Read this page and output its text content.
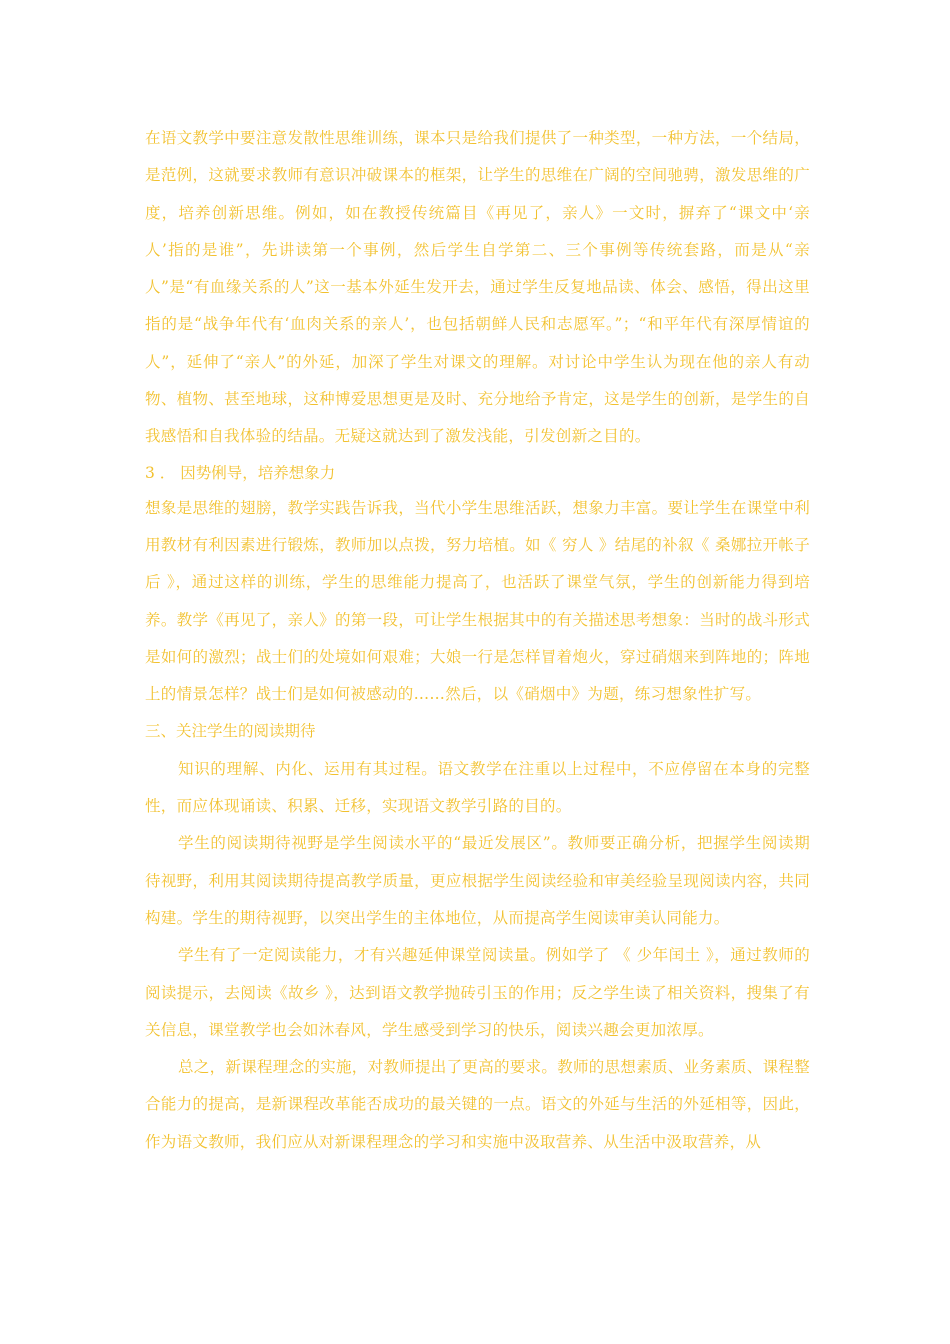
在语文教学中要注意发散性思维训练，课本只是给我们提供了一种类型，一种方法，一个结局，是范例，这就要求教师有意识冲破课本的框架，让学生的思维在广阔的空间驰骋，激发思维的广度，培养创新思维。例如，如在教授传统篇目《再见了，亲人》一文时，摒弃了“课文中‘亲人’指的是谁”，先讲读第一个事例，然后学生自学第二、三个事例等传统套路，而是从“亲人”是“有血缘关系的人”这一基本外延生发开去，通过学生反复地品读、体会、感悟，得出这里指的是“战争年代有‘血肉关系的亲人’，也包括朝鲜人民和志愿军。”；“和平年代有深厚情谊的人”，延伸了“亲人”的外延，加深了学生对课文的理解。对讨论中学生认为现在他的亲人有动物、植物、甚至地球，这种博爱思想更是及时、充分地给予肯定，这是学生的创新，是学生的自我感悟和自我体验的结晶。无疑这就达到了激发浅能，引发创新之目的。

3 ． 因势俐导，培养想象力

想象是思维的翅膀，教学实践告诉我，当代小学生思维活跃，想象力丰富。要让学生在课堂中利用教材有利因素进行锻炼，教师加以点拨，努力培植。如《 穷人 》结尾的补叙《 桑娜拉开帐子后 》，通过这样的训练，学生的思维能力提高了，也活跃了课堂气氛，学生的创新能力得到培养。教学《再见了，亲人》的第一段，可让学生根据其中的有关描述思考想象：当时的战斗形式是如何的激烈；战士们的处境如何艰难；大娘一行是怎样冒着炮火，穿过硝烟来到阵地的；阵地上的情景怎样？战士们是如何被感动的……然后，以《硝烟中》为题，练习想象性扩写。

三、关注学生的阅读期待

知识的理解、内化、运用有其过程。语文教学在注重以上过程中，不应停留在本身的完整性，而应体现诵读、积累、迁移，实现语文教学引路的目的。

学生的阅读期待视野是学生阅读水平的“最近发展区”。教师要正确分析，把握学生阅读期待视野，利用其阅读期待提高教学质量，更应根据学生阅读经验和审美经验呈现阅读内容，共同构建。学生的期待视野，以突出学生的主体地位，从而提高学生阅读审美认同能力。

学生有了一定阅读能力，才有兴趣延伸课堂阅读量。例如学了 《 少年闰土 》，通过教师的阅读提示，去阅读《故乡 》，达到语文教学抛砖引玉的作用；反之学生读了相关资料，搜集了有关信息，课堂教学也会如沐春风，学生感受到学习的快乐，阅读兴趣会更加浓厚。

总之，新课程理念的实施，对教师提出了更高的要求。教师的思想素质、业务素质、课程整合能力的提高，是新课程改革能否成功的最关键的一点。语文的外延与生活的外延相等，因此，作为语文教师，我们应从对新课程理念的学习和实施中汲取营养、从生活中汲取营养，从
